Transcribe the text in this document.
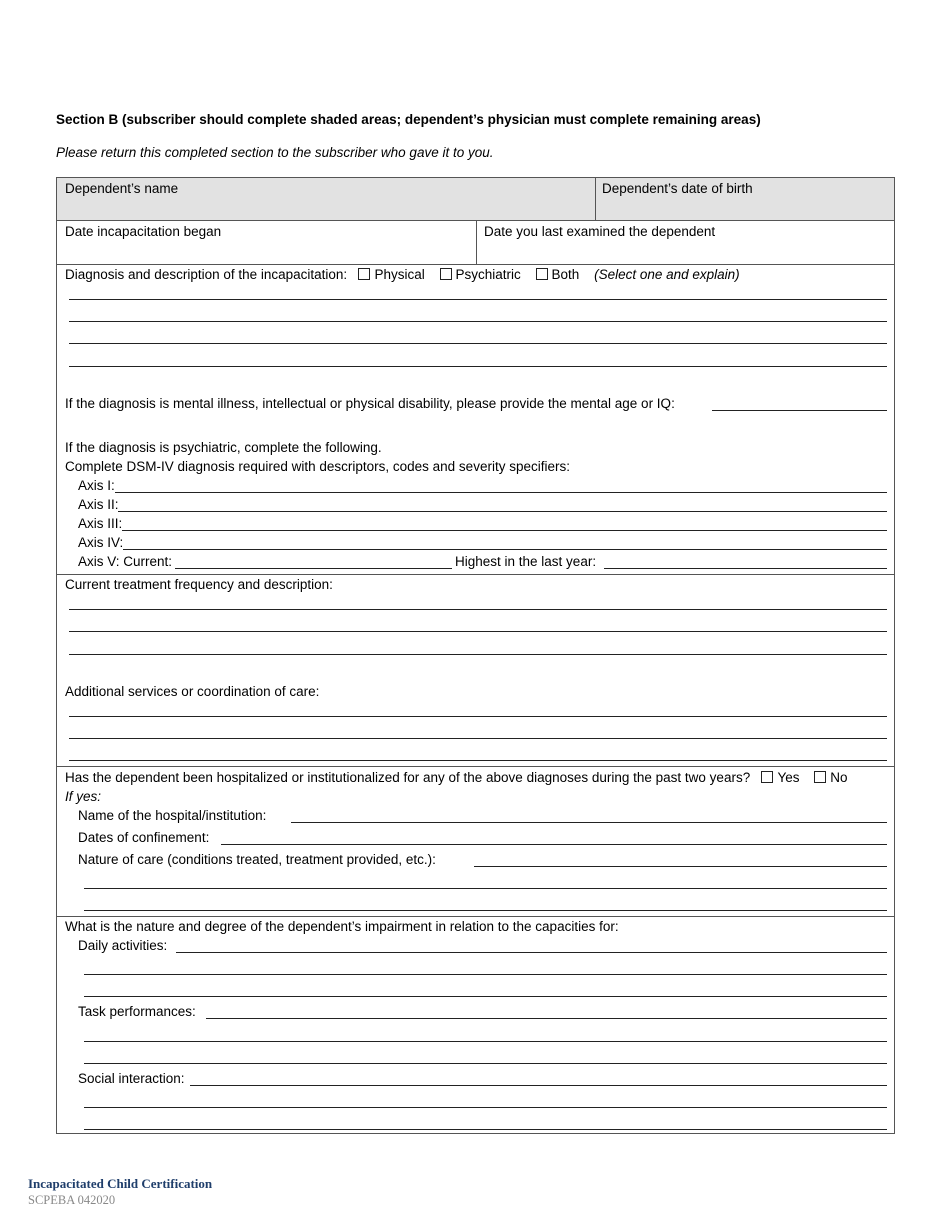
Section B (subscriber should complete shaded areas; dependent’s physician must complete remaining areas)
Please return this completed section to the subscriber who gave it to you.
Dependent’s name	Dependent’s date of birth
Date incapacitation began	Date you last examined the dependent
Diagnosis and description of the incapacitation: Physical Psychiatric Both (Select one and explain)
If the diagnosis is mental illness, intellectual or physical disability, please provide the mental age or IQ:
If the diagnosis is psychiatric, complete the following.
Complete DSM-IV diagnosis required with descriptors, codes and severity specifiers:
Axis I:
Axis II:
Axis III:
Axis IV:
Axis V: Current:	Highest in the last year:
Current treatment frequency and description:
Additional services or coordination of care:
Has the dependent been hospitalized or institutionalized for any of the above diagnoses during the past two years? Yes No
If yes:
Name of the hospital/institution:
Dates of confinement:
Nature of care (conditions treated, treatment provided, etc.):
What is the nature and degree of the dependent’s impairment in relation to the capacities for:
Daily activities:
Task performances:
Social interaction:
Incapacitated Child Certification
SCPEBA 042020
